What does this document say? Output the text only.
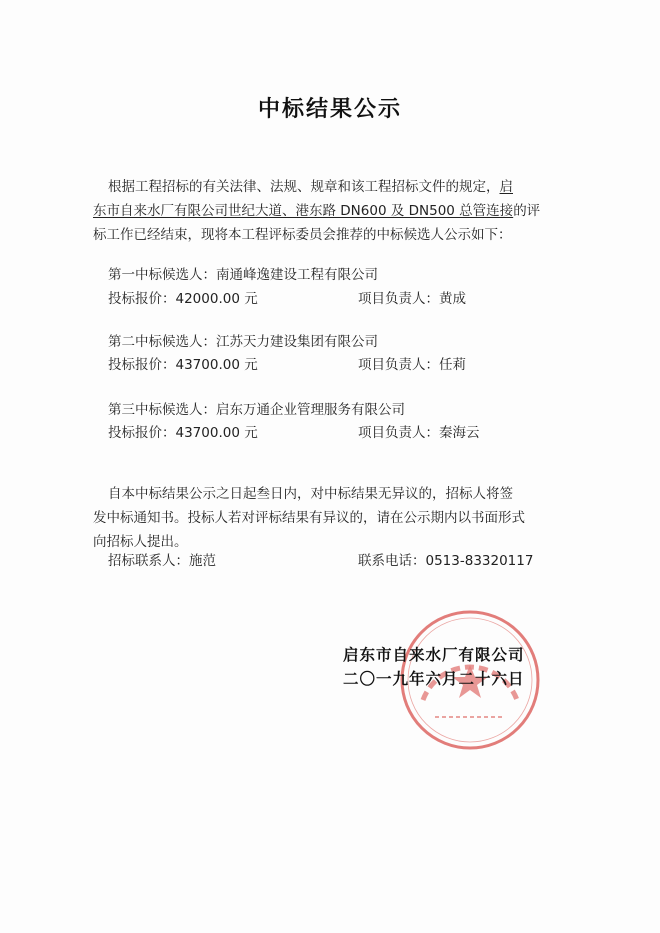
中标结果公示
根据工程招标的有关法律、法规、规章和该工程招标文件的规定，启
东市自来水厂有限公司世纪大道、港东路 DN600 及 DN500 总管连接的评
标工作已经结束，现将本工程评标委员会推荐的中标候选人公示如下：
第一中标候选人：南通峰逸建设工程有限公司
投标报价：42000.00 元	项目负责人：黄成
第二中标候选人：江苏天力建设集团有限公司
投标报价：43700.00 元	项目负责人：任莉
第三中标候选人：启东万通企业管理服务有限公司
投标报价：43700.00 元	项目负责人：秦海云
自本中标结果公示之日起叁日内，对中标结果无异议的，招标人将签
发中标通知书。投标人若对评标结果有异议的，请在公示期内以书面形式
向招标人提出。
招标联系人：施范	联系电话：0513-83320117
启东市自来水厂有限公司
二〇一九年六月二十六日
